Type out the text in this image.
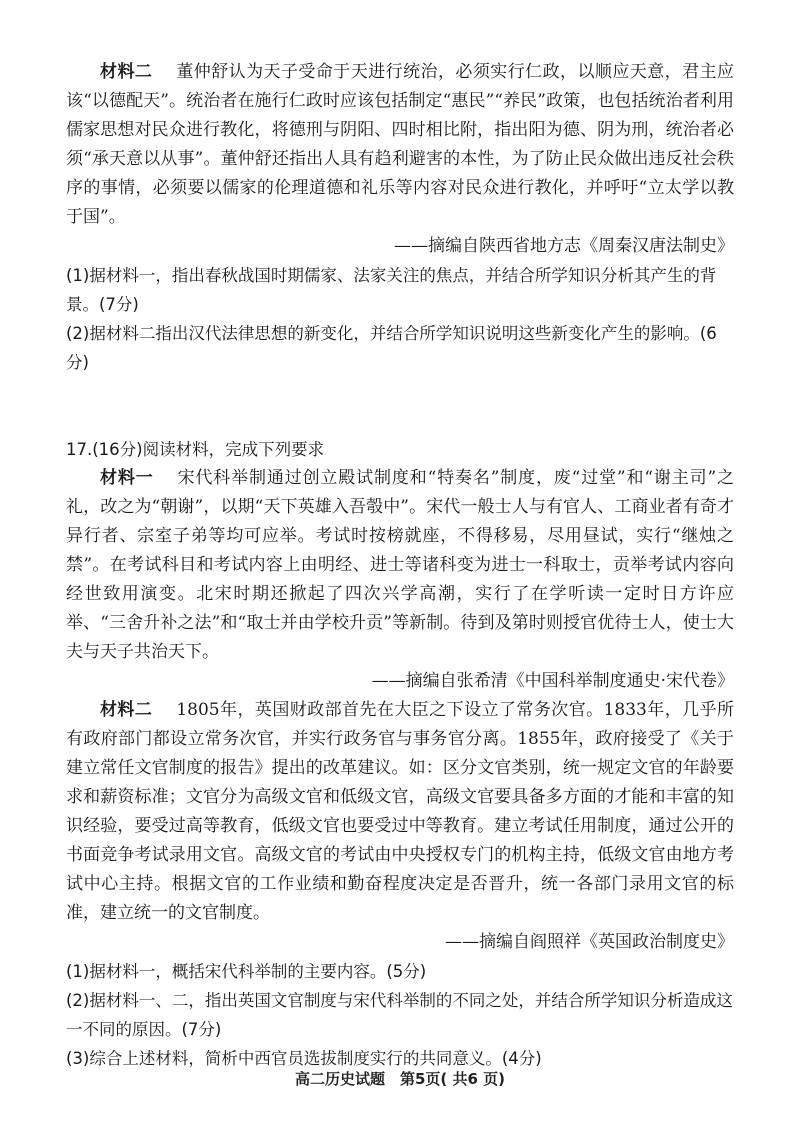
材料二 董仲舒认为天子受命于天进行统治，必须实行仁政，以顺应天意，君主应该“以德配天”。统治者在施行仁政时应该包括制定“惠民”“养民”政策，也包括统治者利用儒家思想对民众进行教化，将德刑与阴阳、四时相比附，指出阳为德、阴为刑，统治者必须“承天意以从事”。董仲舒还指出人具有趋利避害的本性，为了防止民众做出违反社会秩序的事情，必须要以儒家的伦理道德和礼乐等内容对民众进行教化，并呼吁“立太学以教于国”。

——摘编自陕西省地方志《周秦汉唐法制史》

(1)据材料一，指出春秋战国时期儒家、法家关注的焦点，并结合所学知识分析其产生的背景。(7分)

(2)据材料二指出汉代法律思想的新变化，并结合所学知识说明这些新变化产生的影响。(6分)

17.(16分)阅读材料，完成下列要求

材料一 宋代科举制通过创立殿试制度和“特奏名”制度，废“过堂”和“谢主司”之礼，改之为“朝谢”，以期“天下英雄入吾彀中”。宋代一般士人与有官人、工商业者有奇才异行者、宗室子弟等均可应举。考试时按榜就座，不得移易，尽用昼试，实行“继烛之禁”。在考试科目和考试内容上由明经、进士等诸科变为进士一科取士，贡举考试内容向经世致用演变。北宋时期还掀起了四次兴学高潮，实行了在学听读一定时日方许应举、“三舍升补之法”和“取士并由学校升贡”等新制。待到及第时则授官优待士人，使士大夫与天子共治天下。

——摘编自张希清《中国科举制度通史·宋代卷》

材料二 1805年，英国财政部首先在大臣之下设立了常务次官。1833年，几乎所有政府部门都设立常务次官，并实行政务官与事务官分离。1855年，政府接受了《关于建立常任文官制度的报告》提出的改革建议。如：区分文官类别，统一规定文官的年龄要求和薪资标准；文官分为高级文官和低级文官，高级文官要具备多方面的才能和丰富的知识经验，要受过高等教育，低级文官也要受过中等教育。建立考试任用制度，通过公开的书面竞争考试录用文官。高级文官的考试由中央授权专门的机构主持，低级文官由地方考试中心主持。根据文官的工作业绩和勤奋程度决定是否晋升，统一各部门录用文官的标准，建立统一的文官制度。

——摘编自阎照祥《英国政治制度史》

(1)据材料一，概括宋代科举制的主要内容。(5分)

(2)据材料一、二，指出英国文官制度与宋代科举制的不同之处，并结合所学知识分析造成这一不同的原因。(7分)

(3)综合上述材料，简析中西官员选拔制度实行的共同意义。(4分)

高二历史试题　第5页( 共6 页)
